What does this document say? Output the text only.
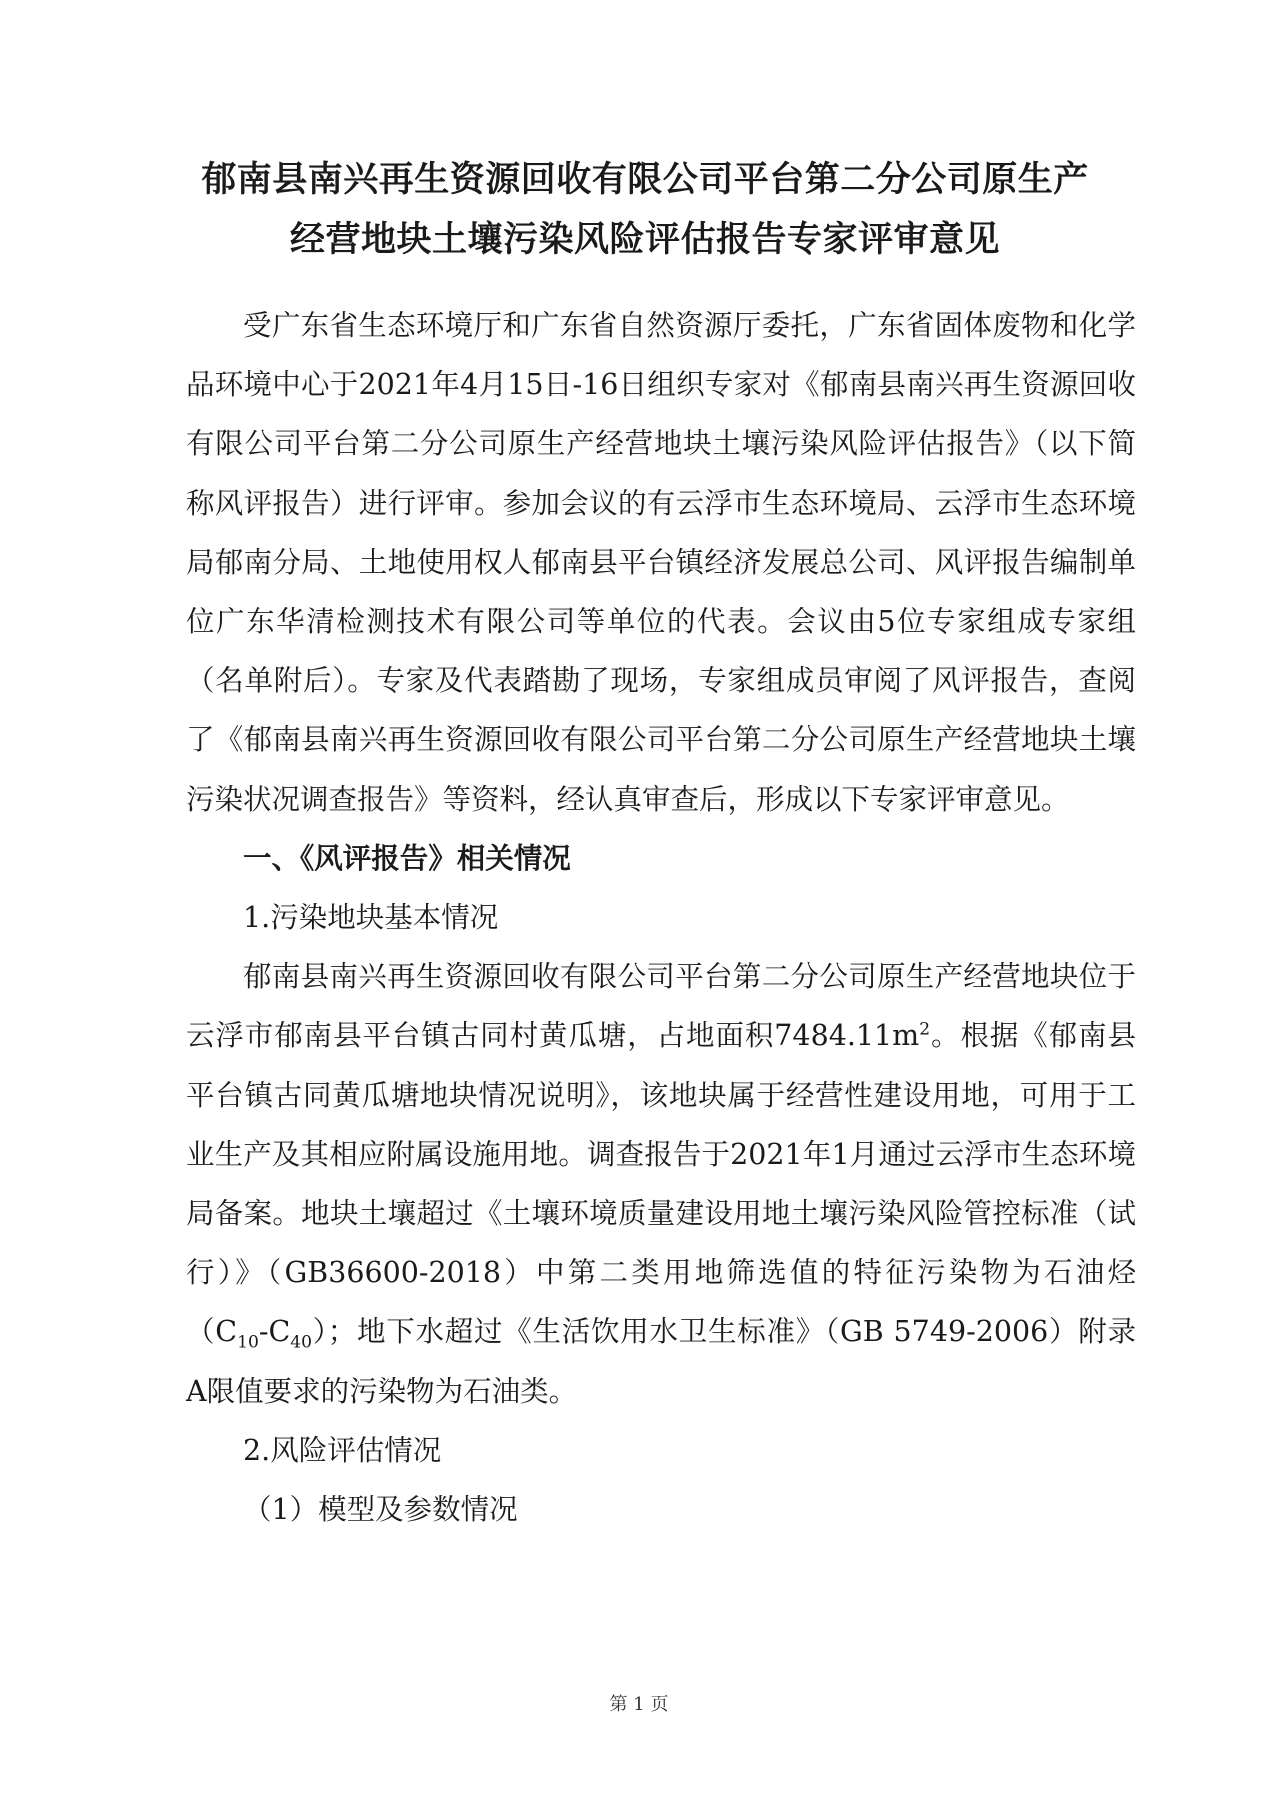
郁南县南兴再生资源回收有限公司平台第二分公司原生产
经营地块土壤污染风险评估报告专家评审意见

受广东省生态环境厅和广东省自然资源厅委托，广东省固体废物和化学品环境中心于2021年4月15日-16日组织专家对《郁南县南兴再生资源回收有限公司平台第二分公司原生产经营地块土壤污染风险评估报告》（以下简称风评报告）进行评审。参加会议的有云浮市生态环境局、云浮市生态环境局郁南分局、土地使用权人郁南县平台镇经济发展总公司、风评报告编制单位广东华清检测技术有限公司等单位的代表。会议由5位专家组成专家组（名单附后）。专家及代表踏勘了现场，专家组成员审阅了风评报告，查阅了《郁南县南兴再生资源回收有限公司平台第二分公司原生产经营地块土壤污染状况调查报告》等资料，经认真审查后，形成以下专家评审意见。

一、《风评报告》相关情况

1.污染地块基本情况

郁南县南兴再生资源回收有限公司平台第二分公司原生产经营地块位于云浮市郁南县平台镇古同村黄瓜塘，占地面积$7484.11m^2$。根据《郁南县平台镇古同黄瓜塘地块情况说明》，该地块属于经营性建设用地，可用于工业生产及其相应附属设施用地。调查报告于2021年1月通过云浮市生态环境局备案。地块土壤超过《土壤环境质量建设用地土壤污染风险管控标准（试行）》（GB36600-2018）中第二类用地筛选值的特征污染物为石油烃$(C_{10}-C_{40})$；地下水超过《生活饮用水卫生标准》（GB 5749-2006）附录A限值要求的污染物为石油类。

2.风险评估情况

（1）模型及参数情况

第 1 页
